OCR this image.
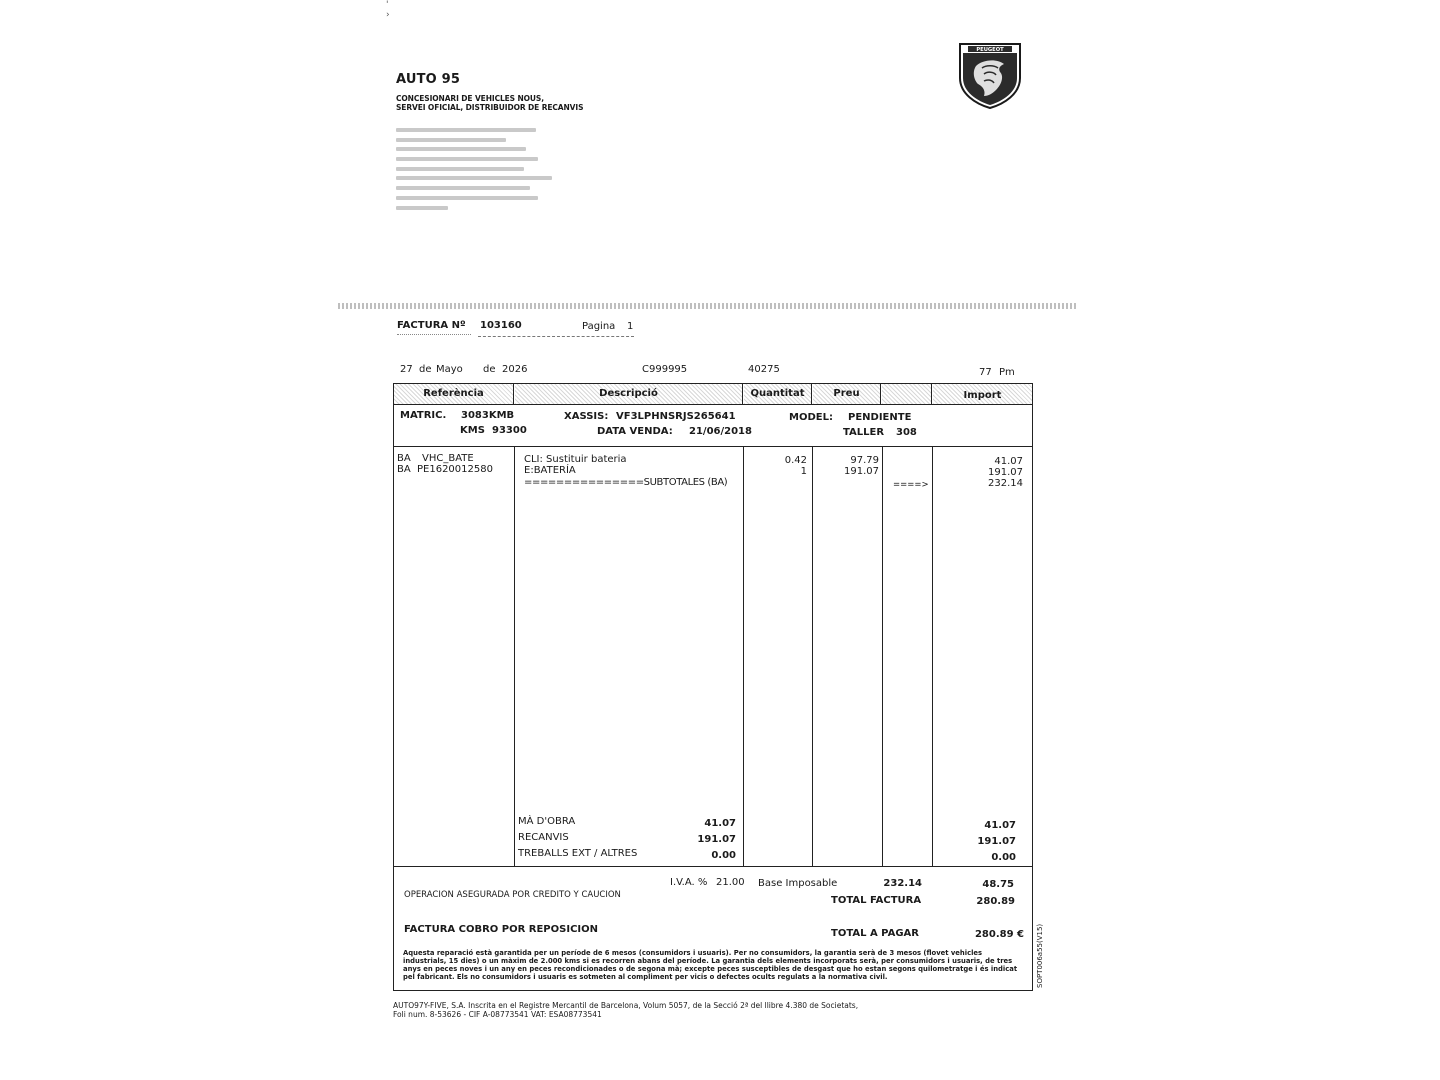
'
›
AUTO 95
CONCESIONARI DE VEHICLES NOUS,
SERVEI OFICIAL, DISTRIBUIDOR DE RECANVIS
PEUGEOT
FACTURA Nº 103160	Pagina 1
27 de Mayo de 2026	C999995	40275	77 Pm
Referència	Descripció	Quantitat	Preu	Import
MATRIC. 3083KMB
KMS 93300
XASSIS: VF3LPHNSRJS265641
DATA VENDA: 21/06/2018
MODEL: PENDIENTE
TALLER 308
BA VHC_BATE	CLI: Sustituir bateria	0.42	97.79	41.07
BA PE1620012580	E:BATERÍA	1	191.07	191.07
===============SUBTOTALES (BA)	====>	232.14
MÀ D'OBRA	41.07
RECANVIS	191.07
TREBALLS EXT / ALTRES	0.00
41.07
191.07
0.00
I.V.A. % 21.00 Base Imposable	232.14	48.75
OPERACION ASEGURADA POR CREDITO Y CAUCION	TOTAL FACTURA	280.89
FACTURA COBRO POR REPOSICION	TOTAL A PAGAR	280.89 €
Aquesta reparació està garantida per un període de 6 mesos (consumidors i usuaris). Per no consumidors, la garantia serà de 3 mesos (flovet vehicles industrials, 15 dies) o un màxim de 2.000 kms si es recorren abans del període. La garantia dels elements incorporats serà, per consumidors i usuaris, de tres anys en peces noves i un any en peces recondicionades o de segona mà; excepte peces susceptibles de desgast que ho estan segons quilometratge i és indicat pel fabricant. Els no consumidors i usuaris es sotmeten al compliment per vicis o defectes ocults regulats a la normativa civil.	SOPT006a55(V15)
AUTO97Y-FIVE, S.A. Inscrita en el Registre Mercantil de Barcelona, Volum 5057, de la Secció 2ª del llibre 4.380 de Societats,
Foli num. 8-53626 - CIF A-08773541 VAT: ESA08773541
